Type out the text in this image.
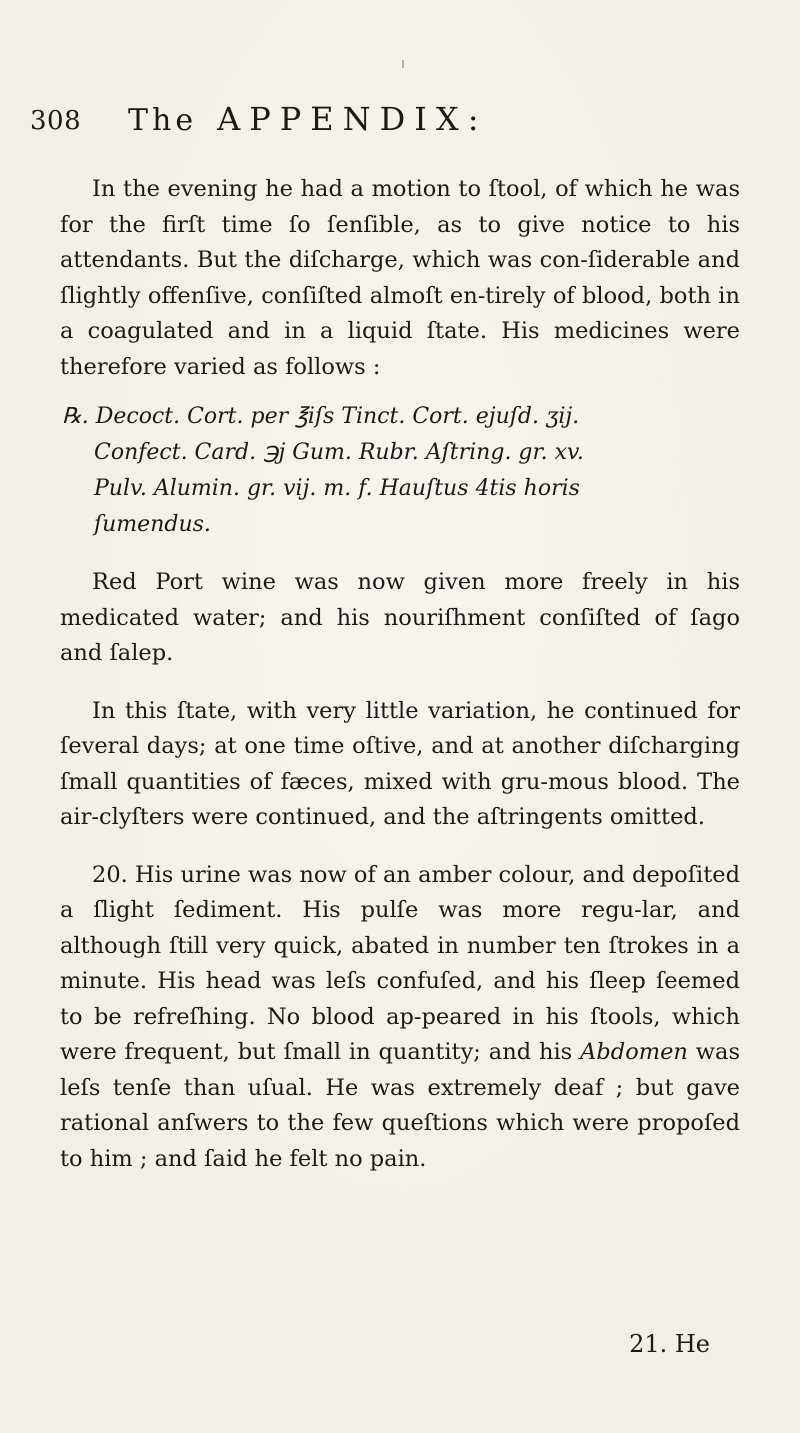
308 The APPENDIX:

In the evening he had a motion to ſtool, of which he was for the firſt time ſo ſenſible, as to give notice to his attendants. But the diſcharge, which was con-ſiderable and ſlightly offenſive, conſiſted almoſt en-tirely of blood, both in a coagulated and in a liquid ſtate. His medicines were therefore varied as follows :

℞. Decoct. Cort. per ℥iſs Tinct. Cort. ejuſd. ʒij.
Confect. Card. ℈j Gum. Rubr. Aſtring. gr. xv.
Pulv. Alumin. gr. vij. m. f. Hauſtus 4tis horis
ſumendus.

Red Port wine was now given more freely in his medicated water; and his nouriſhment conſiſted of ſago and ſalep.

In this ſtate, with very little variation, he continued for ſeveral days; at one time oſtive, and at another diſcharging ſmall quantities of fæces, mixed with gru-mous blood. The air-clyſters were continued, and the aſtringents omitted.

20. His urine was now of an amber colour, and depoſited a ſlight ſediment. His pulſe was more regu-lar, and although ſtill very quick, abated in number ten ſtrokes in a minute. His head was leſs confuſed, and his ſleep ſeemed to be refreſhing. No blood ap-peared in his ſtools, which were frequent, but ſmall in quantity; and his Abdomen was leſs tenſe than uſual. He was extremely deaf ; but gave rational anſwers to the few queſtions which were propoſed to him ; and ſaid he felt no pain.

21. He
